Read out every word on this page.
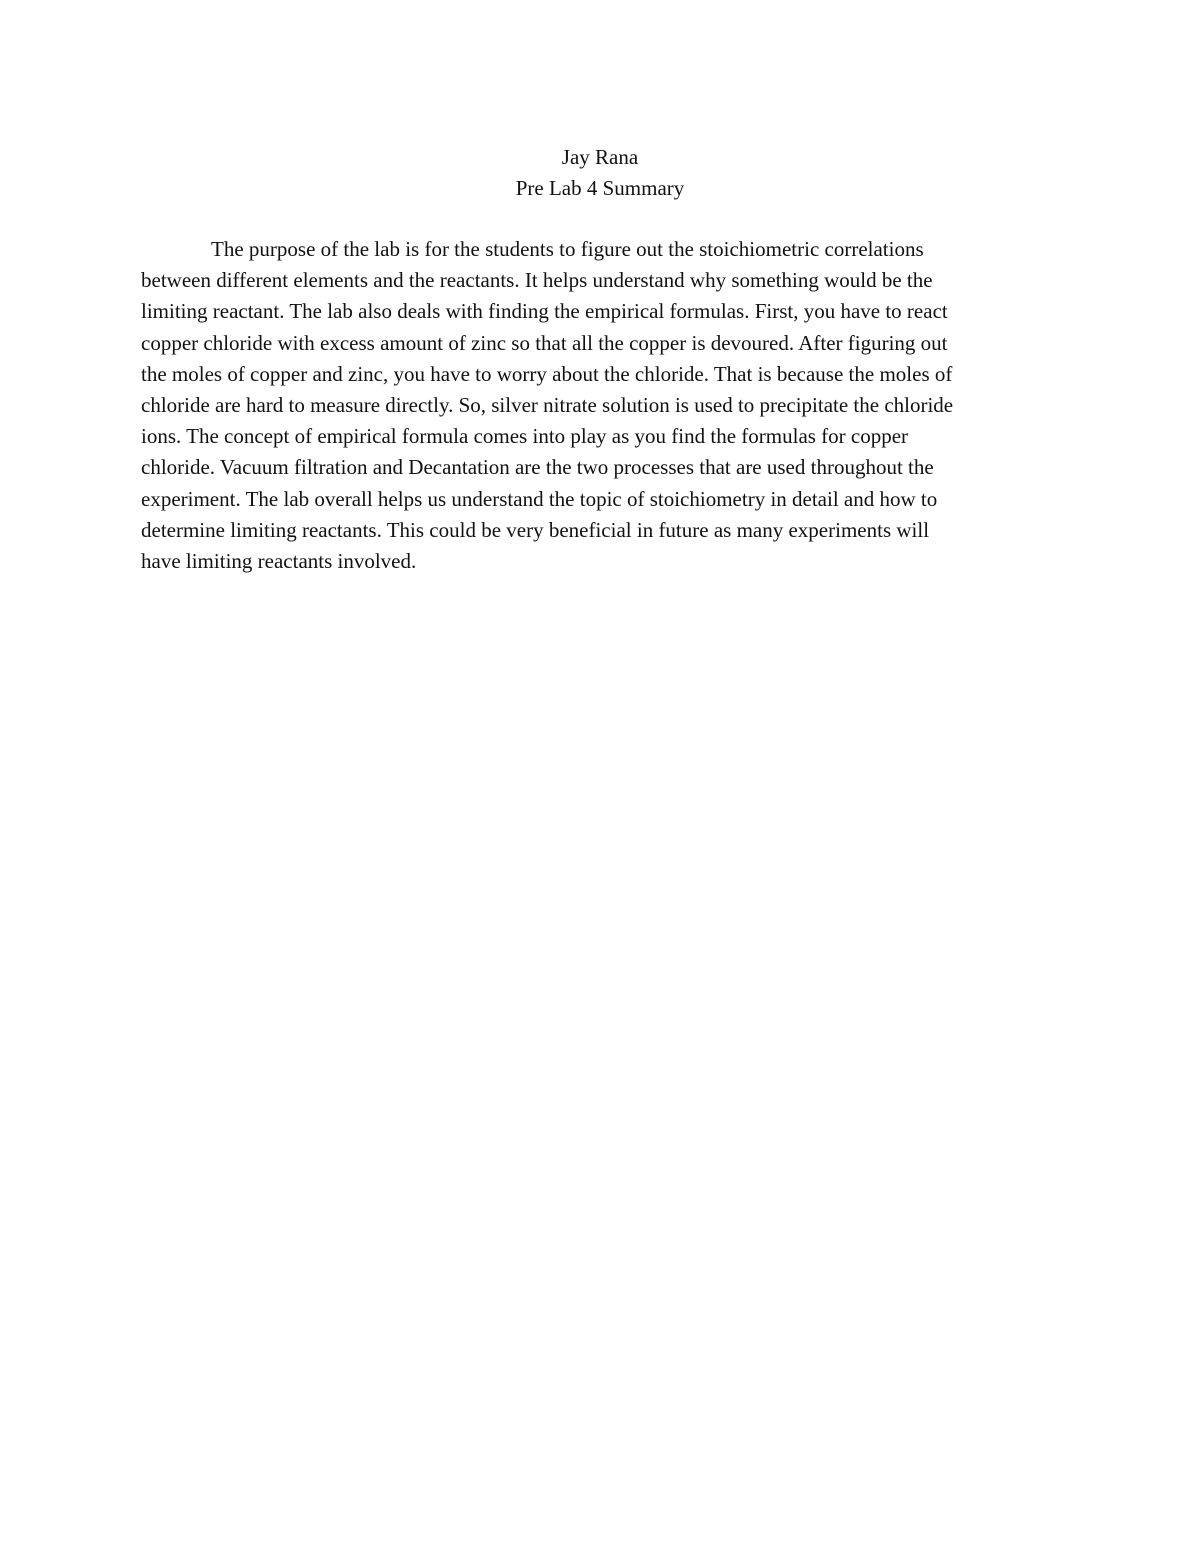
Jay Rana
Pre Lab 4 Summary
The purpose of the lab is for the students to figure out the stoichiometric correlations
between different elements and the reactants. It helps understand why something would be the
limiting reactant. The lab also deals with finding the empirical formulas. First, you have to react
copper chloride with excess amount of zinc so that all the copper is devoured. After figuring out
the moles of copper and zinc, you have to worry about the chloride. That is because the moles of
chloride are hard to measure directly. So, silver nitrate solution is used to precipitate the chloride
ions. The concept of empirical formula comes into play as you find the formulas for copper
chloride. Vacuum filtration and Decantation are the two processes that are used throughout the
experiment. The lab overall helps us understand the topic of stoichiometry in detail and how to
determine limiting reactants. This could be very beneficial in future as many experiments will
have limiting reactants involved.
